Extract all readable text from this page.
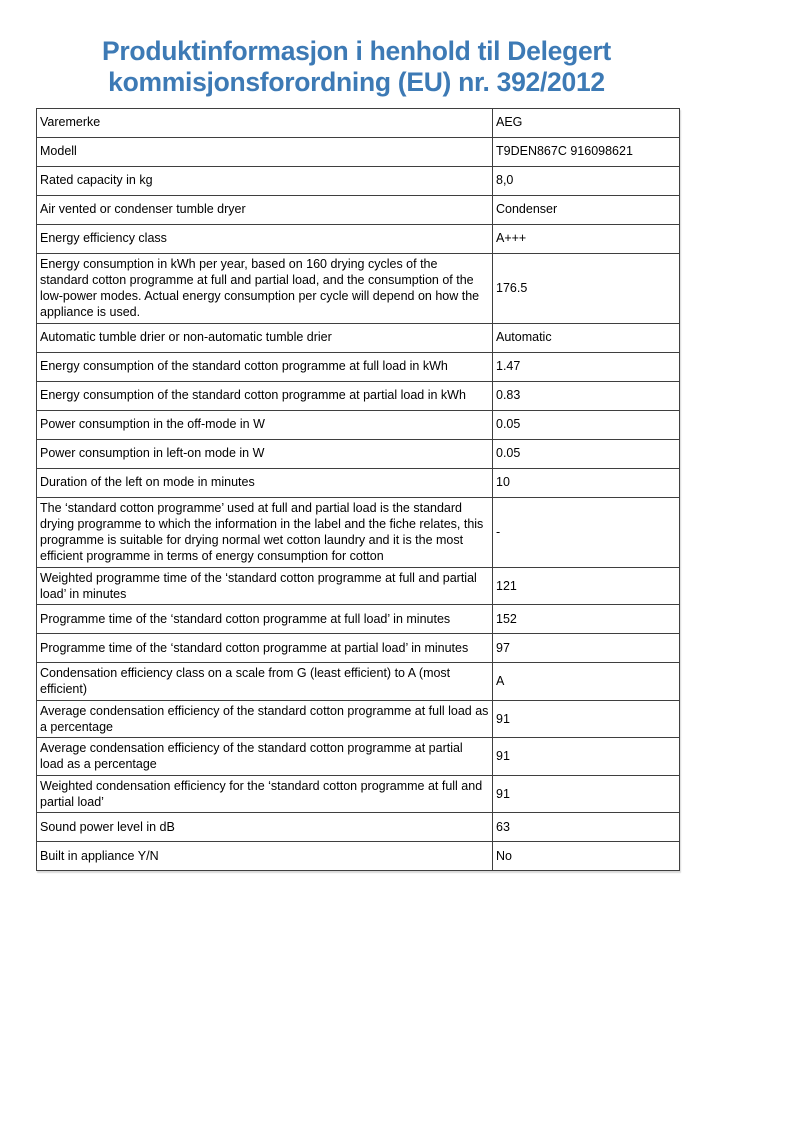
Produktinformasjon i henhold til Delegert
kommisjonsforordning (EU) nr. 392/2012
Varemerke	AEG
Modell	T9DEN867C 916098621
Rated capacity in kg	8,0
Air vented or condenser tumble dryer	Condenser
Energy efficiency class	A+++
Energy consumption in kWh per year, based on 160 drying cycles of the standard cotton programme at full and partial load, and the consumption of the low-power modes. Actual energy consumption per cycle will depend on how the appliance is used.	176.5
Automatic tumble drier or non-automatic tumble drier	Automatic
Energy consumption of the standard cotton programme at full load in kWh	1.47
Energy consumption of the standard cotton programme at partial load in kWh	0.83
Power consumption in the off-mode in W	0.05
Power consumption in left-on mode in W	0.05
Duration of the left on mode in minutes	10
The ‘standard cotton programme’ used at full and partial load is the standard drying programme to which the information in the label and the fiche relates, this programme is suitable for drying normal wet cotton laundry and it is the most efficient programme in terms of energy consumption for cotton	-
Weighted programme time of the ‘standard cotton programme at full and partial load’ in minutes	121
Programme time of the ‘standard cotton programme at full load’ in minutes	152
Programme time of the ‘standard cotton programme at partial load’ in minutes	97
Condensation efficiency class on a scale from G (least efficient) to A (most efficient)	A
Average condensation efficiency of the standard cotton programme at full load as a percentage	91
Average condensation efficiency of the standard cotton programme at partial load as a percentage	91
Weighted condensation efficiency for the ‘standard cotton programme at full and partial load’	91
Sound power level in dB	63
Built in appliance Y/N	No
